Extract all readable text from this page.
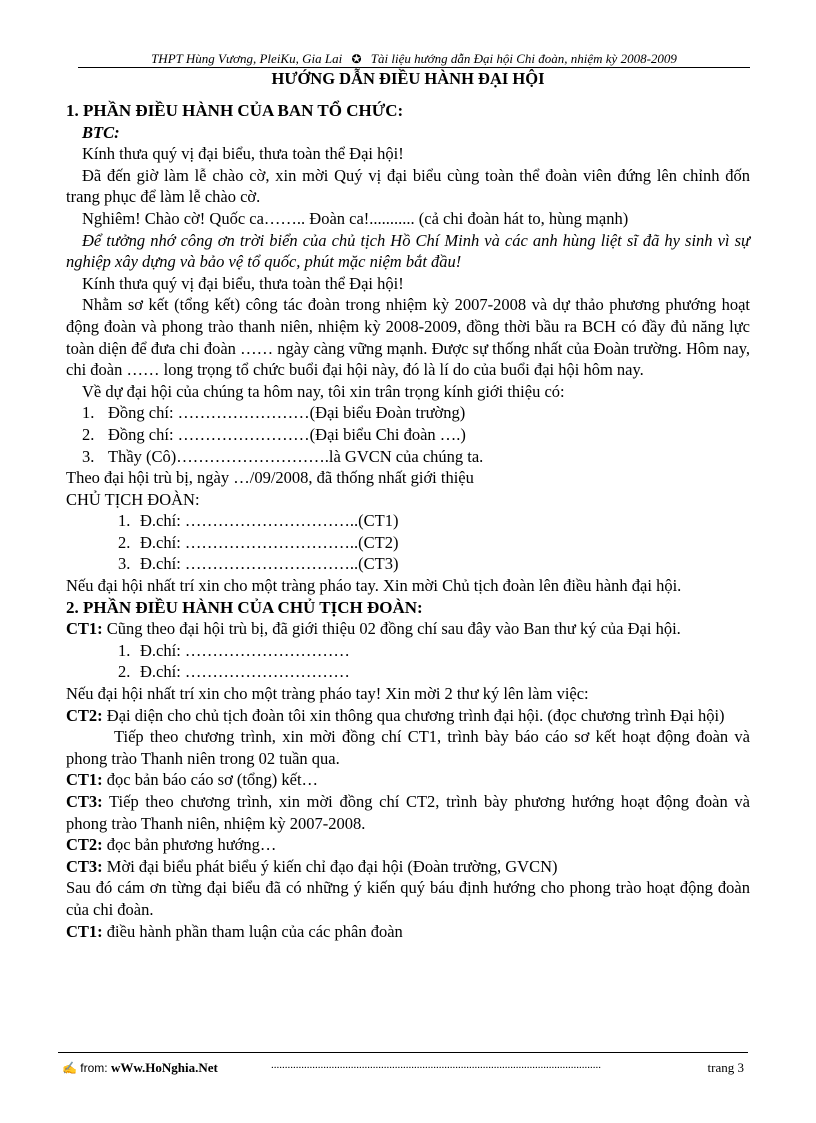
THPT Hùng Vương, PleiKu, Gia Lai ✪ Tài liệu hướng dẫn Đại hội Chi đoàn, nhiệm kỳ 2008-2009
HƯỚNG DẪN ĐIỀU HÀNH ĐẠI HỘI

1. PHẦN ĐIỀU HÀNH CỦA BAN TỔ CHỨC:

BTC:

Kính thưa quý vị đại biểu, thưa toàn thể Đại hội!

Đã đến giờ làm lễ chào cờ, xin mời Quý vị đại biểu cùng toàn thể đoàn viên đứng lên chỉnh đốn trang phục để làm lễ chào cờ.

Nghiêm! Chào cờ! Quốc ca…….. Đoàn ca!........... (cả chi đoàn hát to, hùng mạnh)

Để tưởng nhớ công ơn trời biển của chủ tịch Hồ Chí Minh và các anh hùng liệt sĩ đã hy sinh vì sự nghiệp xây dựng và bảo vệ tổ quốc, phút mặc niệm bắt đầu!

Kính thưa quý vị đại biểu, thưa toàn thể Đại hội!

Nhằm sơ kết (tổng kết) công tác đoàn trong nhiệm kỳ 2007-2008 và dự thảo phương phướng hoạt động đoàn và phong trào thanh niên, nhiệm kỳ 2008-2009, đồng thời bầu ra BCH có đầy đủ năng lực toàn diện để đưa chi đoàn …… ngày càng vững mạnh. Được sự thống nhất của Đoàn trường. Hôm nay, chi đoàn …… long trọng tổ chức buổi đại hội này, đó là lí do của buổi đại hội hôm nay.

Về dự đại hội của chúng ta hôm nay, tôi xin trân trọng kính giới thiệu có:

1. Đồng chí: ……………………(Đại biểu Đoàn trường)

2. Đồng chí: ……………………(Đại biểu Chi đoàn ….)

3. Thầy (Cô)……………………….là GVCN của chúng ta.

Theo đại hội trù bị, ngày …/09/2008, đã thống nhất giới thiệu

CHỦ TỊCH ĐOÀN:

1. Đ.chí: …………………………..(CT1)

2. Đ.chí: …………………………..(CT2)

3. Đ.chí: …………………………..(CT3)

Nếu đại hội nhất trí xin cho một tràng pháo tay. Xin mời Chủ tịch đoàn lên điều hành đại hội.

2. PHẦN ĐIỀU HÀNH CỦA CHỦ TỊCH ĐOÀN:

CT1: Cũng theo đại hội trù bị, đã giới thiệu 02 đồng chí sau đây vào Ban thư ký của Đại hội.

1. Đ.chí: …………………………

2. Đ.chí: …………………………

Nếu đại hội nhất trí xin cho một tràng pháo tay! Xin mời 2 thư ký lên làm việc:

CT2: Đại diện cho chủ tịch đoàn tôi xin thông qua chương trình đại hội. (đọc chương trình Đại hội)

Tiếp theo chương trình, xin mời đồng chí CT1, trình bày báo cáo sơ kết hoạt động đoàn và phong trào Thanh niên trong 02 tuần qua.

CT1: đọc bản báo cáo sơ (tổng) kết…

CT3: Tiếp theo chương trình, xin mời đồng chí CT2, trình bày phương hướng hoạt động đoàn và phong trào Thanh niên, nhiệm kỳ 2007-2008.

CT2: đọc bản phương hướng…

CT3: Mời đại biểu phát biểu ý kiến chỉ đạo đại hội (Đoàn trường, GVCN)

Sau đó cám ơn từng đại biểu đã có những ý kiến quý báu định hướng cho phong trào hoạt động đoàn của chi đoàn.

CT1: điều hành phần tham luận của các phân đoàn

✍ from: wWw.HoNghia.Net	........................................................................................................................	trang 3
